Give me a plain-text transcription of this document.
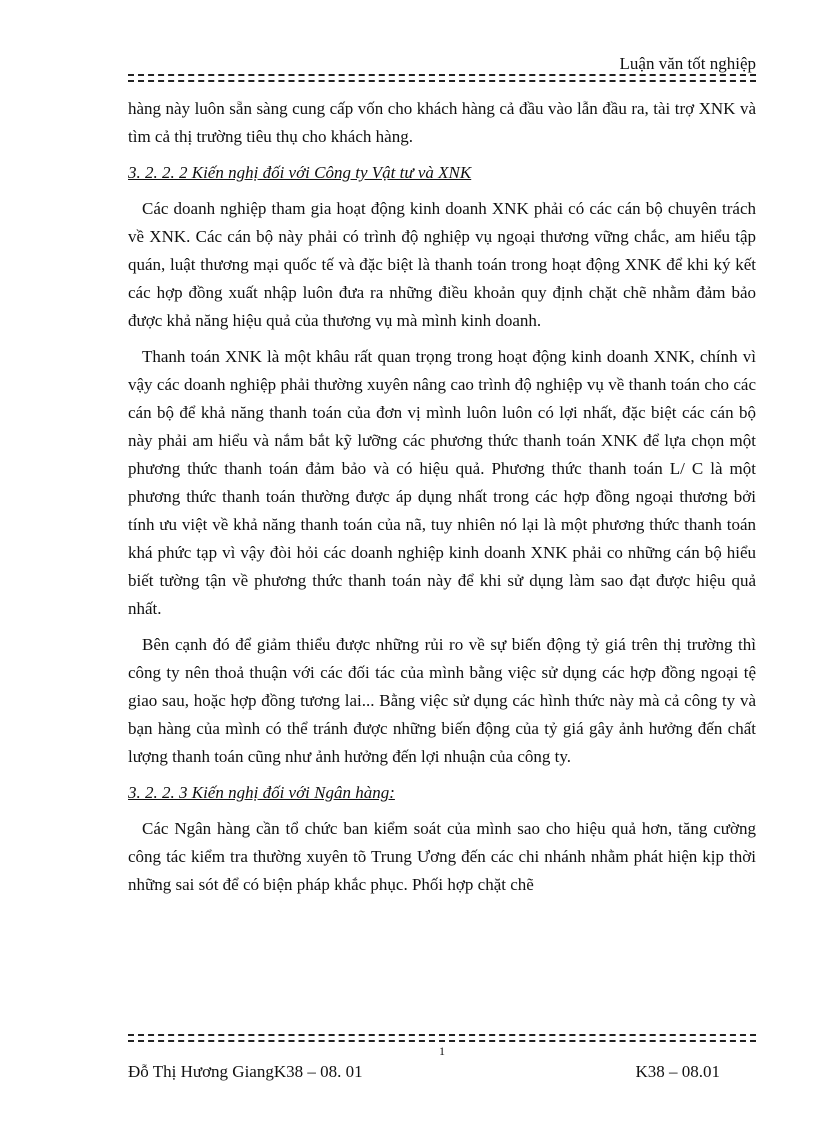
Luận văn tốt nghiệp

hàng này luôn sẵn sàng cung cấp vốn cho khách hàng cả đầu vào lẫn đầu ra, tài trợ XNK và tìm cả thị trường tiêu thụ cho khách hàng.

3. 2. 2. 2 Kiến nghị đối với Công ty Vật tư và XNK

Các doanh nghiệp tham gia hoạt động kinh doanh XNK phải có các cán bộ chuyên trách về XNK. Các cán bộ này phải có trình độ nghiệp vụ ngoại thương vững chắc, am hiểu tập quán, luật thương mại quốc tế và đặc biệt là thanh toán trong hoạt động XNK để khi ký kết các hợp đồng xuất nhập luôn đưa ra những điều khoản quy định chặt chẽ nhằm đảm bảo được khả năng hiệu quả của thương vụ mà mình kinh doanh.

Thanh toán XNK là một khâu rất quan trọng trong hoạt động kinh doanh XNK, chính vì vậy các doanh nghiệp phải thường xuyên nâng cao trình độ nghiệp vụ về thanh toán cho các cán bộ để khả năng thanh toán của đơn vị mình luôn luôn có lợi nhất, đặc biệt các cán bộ này phải am hiểu và nắm bắt kỹ lưỡng các phương thức thanh toán XNK để lựa chọn một phương thức thanh toán đảm bảo và có hiệu quả. Phương thức thanh toán L/ C là một phương thức thanh toán thường được áp dụng nhất trong các hợp đồng ngoại thương bởi tính ưu việt về khả năng thanh toán của nã, tuy nhiên nó lại là một phương thức thanh toán khá phức tạp vì vậy đòi hỏi các doanh nghiệp kinh doanh XNK phải co những cán bộ hiểu biết tường tận về phương thức thanh toán này để khi sử dụng làm sao đạt được hiệu quả nhất.

Bên cạnh đó để giảm thiểu được những rủi ro về sự biến động tỷ giá trên thị trường thì công ty nên thoả thuận với các đối tác của mình bằng việc sử dụng các hợp đồng ngoại tệ giao sau, hoặc hợp đồng tương lai... Bằng việc sử dụng các hình thức này mà cả công ty và bạn hàng của mình có thể tránh được những biến động của tỷ giá gây ảnh hưởng đến chất lượng thanh toán cũng như ảnh hưởng đến lợi nhuận của công ty.

3. 2. 2. 3 Kiến nghị đối với Ngân hàng:

Các Ngân hàng cần tổ chức ban kiểm soát của mình sao cho hiệu quả hơn, tăng cường công tác kiểm tra thường xuyên tõ Trung Ương đến các chi nhánh nhằm phát hiện kịp thời những sai sót để có biện pháp khắc phục. Phối hợp chặt chẽ

1
Đỗ Thị Hương GiangK38 – 08. 01	K38 – 08.01
